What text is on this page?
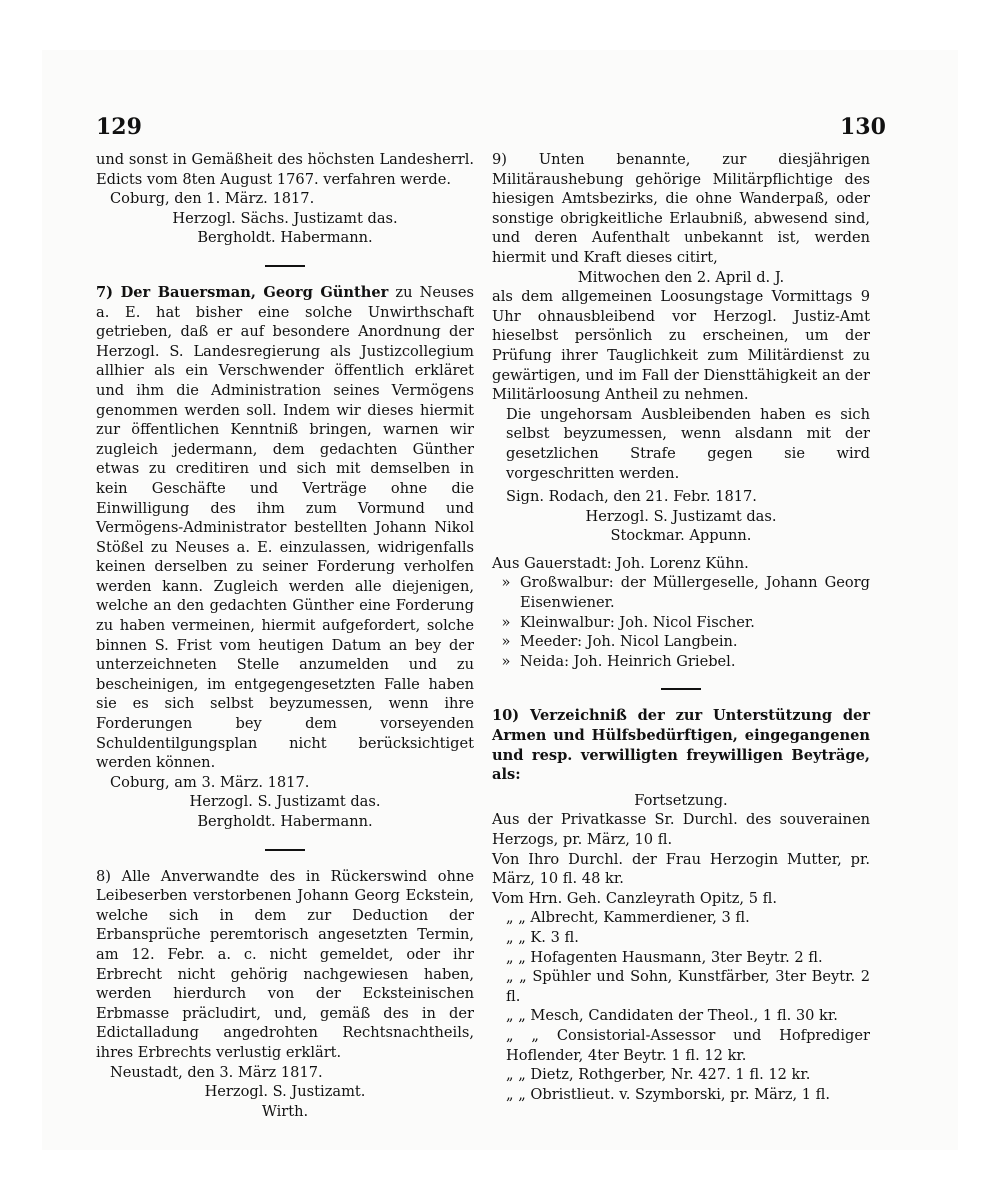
129	130

und sonst in Gemäßheit des höchsten Landesherrl. Edicts vom 8ten August 1767. verfahren werde.

Coburg, den 1. März. 1817.

Herzogl. Sächs. Justizamt das.

Bergholdt. Habermann.

7) Der Bauersman, Georg Günther zu Neuses a. E. hat bisher eine solche Unwirthschaft getrieben, daß er auf besondere Anordnung der Herzogl. S. Landesregierung als Justizcollegium allhier als ein Verschwender öffentlich erkläret und ihm die Administration seines Vermögens genommen werden soll. Indem wir dieses hiermit zur öffentlichen Kenntniß bringen, warnen wir zugleich jedermann, dem gedachten Günther etwas zu creditiren und sich mit demselben in kein Geschäfte und Verträge ohne die Einwilligung des ihm zum Vormund und Vermögens-Administrator bestellten Johann Nikol Stößel zu Neuses a. E. einzulassen, widrigenfalls keinen derselben zu seiner Forderung verholfen werden kann. Zugleich werden alle diejenigen, welche an den gedachten Günther eine Forderung zu haben vermeinen, hiermit aufgefordert, solche binnen S. Frist vom heutigen Datum an bey der unterzeichneten Stelle anzumelden und zu bescheinigen, im entgegengesetzten Falle haben sie es sich selbst beyzumessen, wenn ihre Forderungen bey dem vorseyenden Schuldentilgungsplan nicht berücksichtiget werden können.

Coburg, am 3. März. 1817.

Herzogl. S. Justizamt das.

Bergholdt. Habermann.

8) Alle Anverwandte des in Rückerswind ohne Leibeserben verstorbenen Johann Georg Eckstein, welche sich in dem zur Deduction der Erbansprüche peremtorisch angesetzten Termin, am 12. Febr. a. c. nicht gemeldet, oder ihr Erbrecht nicht gehörig nachgewiesen haben, werden hierdurch von der Ecksteinischen Erbmasse präcludirt, und, gemäß des in der Edictalladung angedrohten Rechtsnachtheils, ihres Erbrechts verlustig erklärt.

Neustadt, den 3. März 1817.

Herzogl. S. Justizamt.

Wirth.

9) Unten benannte, zur diesjährigen Militäraushebung gehörige Militärpflichtige des hiesigen Amtsbezirks, die ohne Wanderpaß, oder sonstige obrigkeitliche Erlaubniß, abwesend sind, und deren Aufenthalt unbekannt ist, werden hiermit und Kraft dieses citirt,

Mitwochen den 2. April d. J.

als dem allgemeinen Loosungstage Vormittags 9 Uhr ohnausbleibend vor Herzogl. Justiz-Amt hieselbst persönlich zu erscheinen, um der Prüfung ihrer Tauglichkeit zum Militärdienst zu gewärtigen, und im Fall der Diensttähigkeit an der Militärloosung Antheil zu nehmen.

Die ungehorsam Ausbleibenden haben es sich selbst beyzumessen, wenn alsdann mit der gesetzlichen Strafe gegen sie wird vorgeschritten werden.

Sign. Rodach, den 21. Febr. 1817.

Herzogl. S. Justizamt das.

Stockmar. Appunn.

Aus Gauerstadt: Joh. Lorenz Kühn.
» Großwalbur: der Müllergeselle, Johann Georg Eisenwiener.
» Kleinwalbur: Joh. Nicol Fischer.
» Meeder: Joh. Nicol Langbein.
» Neida: Joh. Heinrich Griebel.

10) Verzeichniß der zur Unterstützung der Armen und Hülfsbedürftigen, eingegangenen und resp. verwilligten freywilligen Beyträge, als:

Fortsetzung.

Aus der Privatkasse Sr. Durchl. des souverainen Herzogs, pr. März, 10 fl.

Von Ihro Durchl. der Frau Herzogin Mutter, pr. März, 10 fl. 48 kr.

Vom Hrn. Geh. Canzleyrath Opitz, 5 fl.

„ „ Albrecht, Kammerdiener, 3 fl.

„ „ K. 3 fl.

„ „ Hofagenten Hausmann, 3ter Beytr. 2 fl.

„ „ Spühler und Sohn, Kunstfärber, 3ter Beytr. 2 fl.

„ „ Mesch, Candidaten der Theol., 1 fl. 30 kr.

„ „ Consistorial-Assessor und Hofprediger Hoflender, 4ter Beytr. 1 fl. 12 kr.

„ „ Dietz, Rothgerber, Nr. 427. 1 fl. 12 kr.

„ „ Obristlieut. v. Szymborski, pr. März, 1 fl.
